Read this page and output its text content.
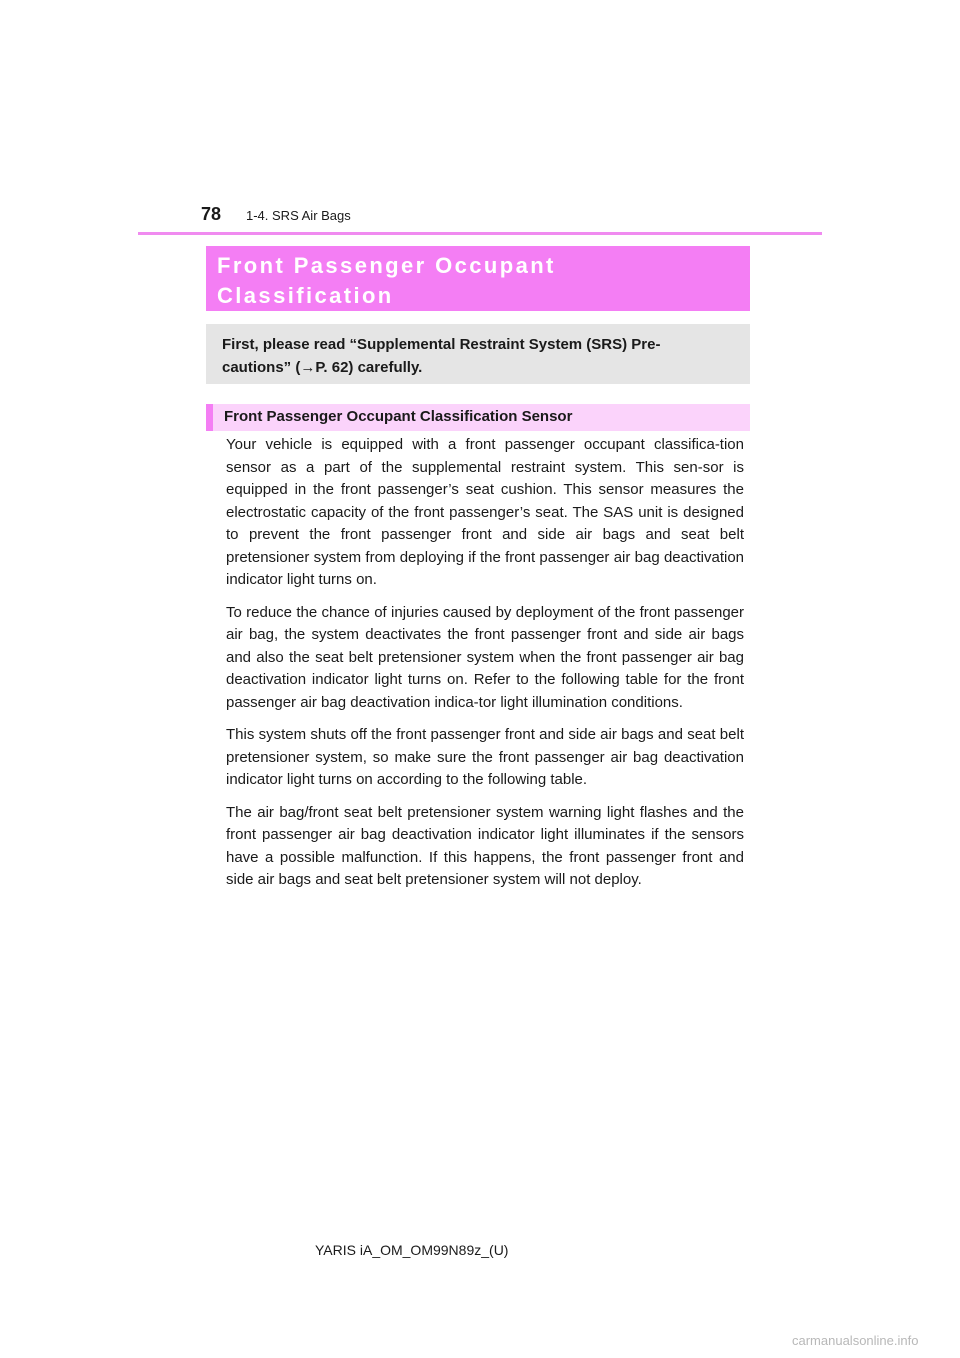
78 1-4. SRS Air Bags
Front Passenger Occupant Classification
First, please read “Supplemental Restraint System (SRS) Pre-
cautions” (→P. 62) carefully.
Front Passenger Occupant Classification Sensor

Your vehicle is equipped with a front passenger occupant classifica-tion sensor as a part of the supplemental restraint system. This sen-sor is equipped in the front passenger’s seat cushion. This sensor measures the electrostatic capacity of the front passenger’s seat. The SAS unit is designed to prevent the front passenger front and side air bags and seat belt pretensioner system from deploying if the front passenger air bag deactivation indicator light turns on.

To reduce the chance of injuries caused by deployment of the front passenger air bag, the system deactivates the front passenger front and side air bags and also the seat belt pretensioner system when the front passenger air bag deactivation indicator light turns on. Refer to the following table for the front passenger air bag deactivation indica-tor light illumination conditions.

This system shuts off the front passenger front and side air bags and seat belt pretensioner system, so make sure the front passenger air bag deactivation indicator light turns on according to the following table.

The air bag/front seat belt pretensioner system warning light flashes and the front passenger air bag deactivation indicator light illuminates if the sensors have a possible malfunction. If this happens, the front passenger front and side air bags and seat belt pretensioner system will not deploy.

YARIS iA_OM_OM99N89z_(U)
carmanualsonline.info
